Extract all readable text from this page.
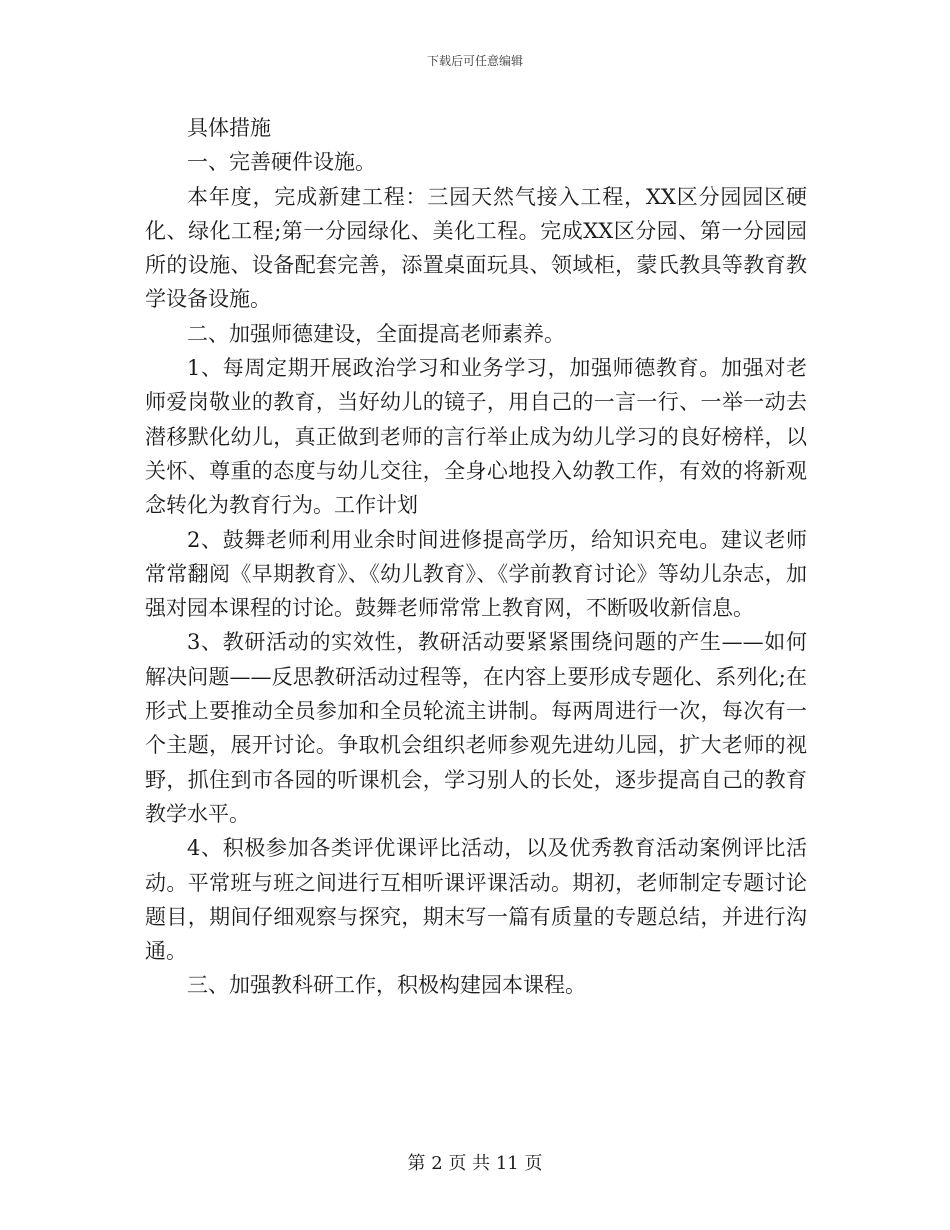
下载后可任意编辑

具体措施

一、完善硬件设施。

本年度，完成新建工程：三园天然气接入工程，XX区分园园区硬化、绿化工程;第一分园绿化、美化工程。完成XX区分园、第一分园园所的设施、设备配套完善，添置桌面玩具、领域柜，蒙氏教具等教育教学设备设施。

二、加强师德建设，全面提高老师素养。

1、每周定期开展政治学习和业务学习，加强师德教育。加强对老师爱岗敬业的教育，当好幼儿的镜子，用自己的一言一行、一举一动去潜移默化幼儿，真正做到老师的言行举止成为幼儿学习的良好榜样，以关怀、尊重的态度与幼儿交往，全身心地投入幼教工作，有效的将新观念转化为教育行为。工作计划

2、鼓舞老师利用业余时间进修提高学历，给知识充电。建议老师常常翻阅《早期教育》、《幼儿教育》、《学前教育讨论》等幼儿杂志，加强对园本课程的讨论。鼓舞老师常常上教育网，不断吸收新信息。

3、教研活动的实效性，教研活动要紧紧围绕问题的产生——如何解决问题——反思教研活动过程等，在内容上要形成专题化、系列化;在形式上要推动全员参加和全员轮流主讲制。每两周进行一次，每次有一个主题，展开讨论。争取机会组织老师参观先进幼儿园，扩大老师的视野，抓住到市各园的听课机会，学习别人的长处，逐步提高自己的教育教学水平。

4、积极参加各类评优课评比活动，以及优秀教育活动案例评比活动。平常班与班之间进行互相听课评课活动。期初，老师制定专题讨论题目，期间仔细观察与探究，期末写一篇有质量的专题总结，并进行沟通。

三、加强教科研工作，积极构建园本课程。

第 2 页 共 11 页
